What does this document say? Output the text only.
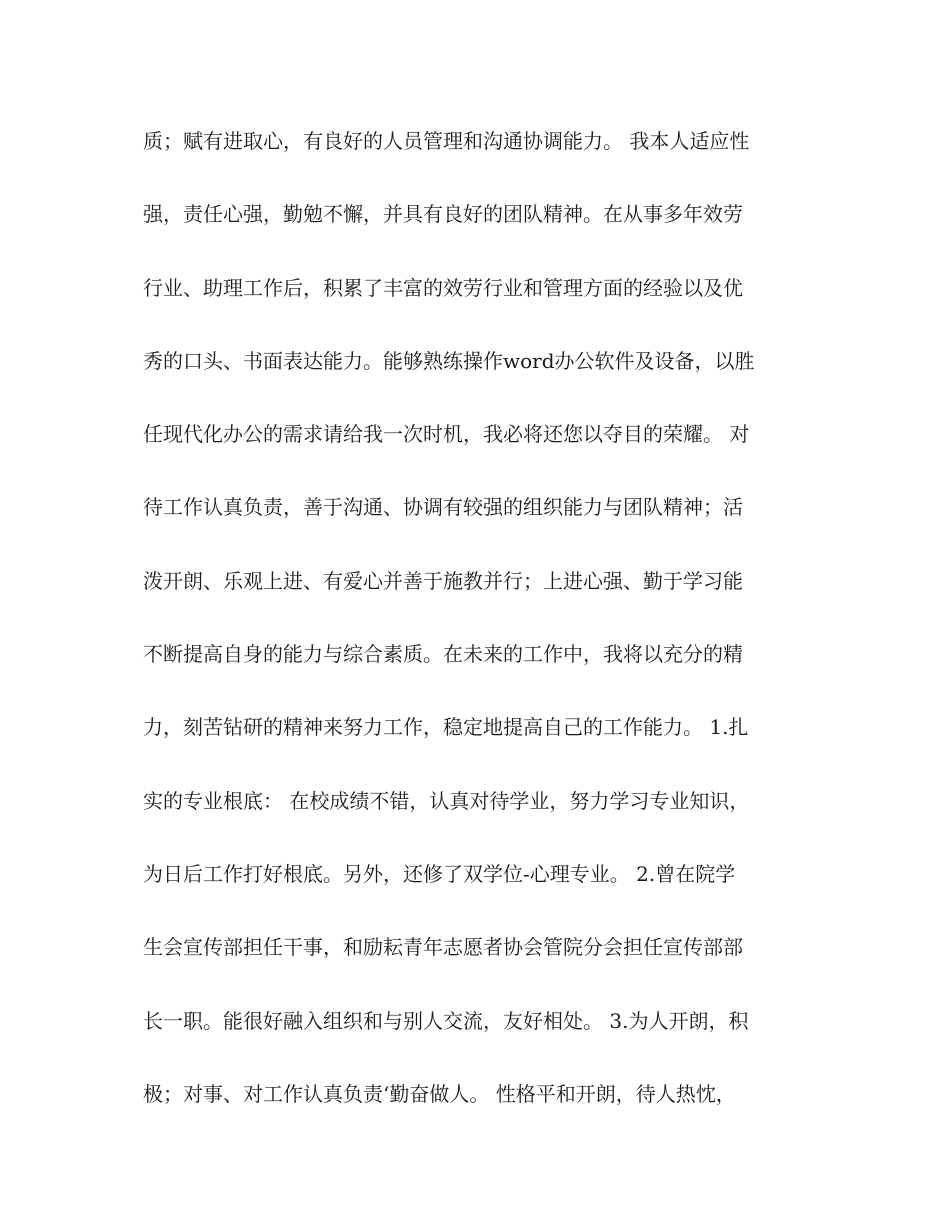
质；赋有进取心，有良好的人员管理和沟通协调能力。 我本人适应性
强，责任心强，勤勉不懈，并具有良好的团队精神。在从事多年效劳
行业、助理工作后，积累了丰富的效劳行业和管理方面的经验以及优
秀的口头、书面表达能力。能够熟练操作word办公软件及设备，以胜
任现代化办公的需求请给我一次时机，我必将还您以夺目的荣耀。 对
待工作认真负责，善于沟通、协调有较强的组织能力与团队精神；活
泼开朗、乐观上进、有爱心并善于施教并行；上进心强、勤于学习能
不断提高自身的能力与综合素质。在未来的工作中，我将以充分的精
力，刻苦钻研的精神来努力工作，稳定地提高自己的工作能力。 1.扎
实的专业根底： 在校成绩不错，认真对待学业，努力学习专业知识，
为日后工作打好根底。另外，还修了双学位-心理专业。 2.曾在院学
生会宣传部担任干事，和励耘青年志愿者协会管院分会担任宣传部部
长一职。能很好融入组织和与别人交流，友好相处。 3.为人开朗，积
极；对事、对工作认真负责‘勤奋做人。 性格平和开朗，待人热忱，
